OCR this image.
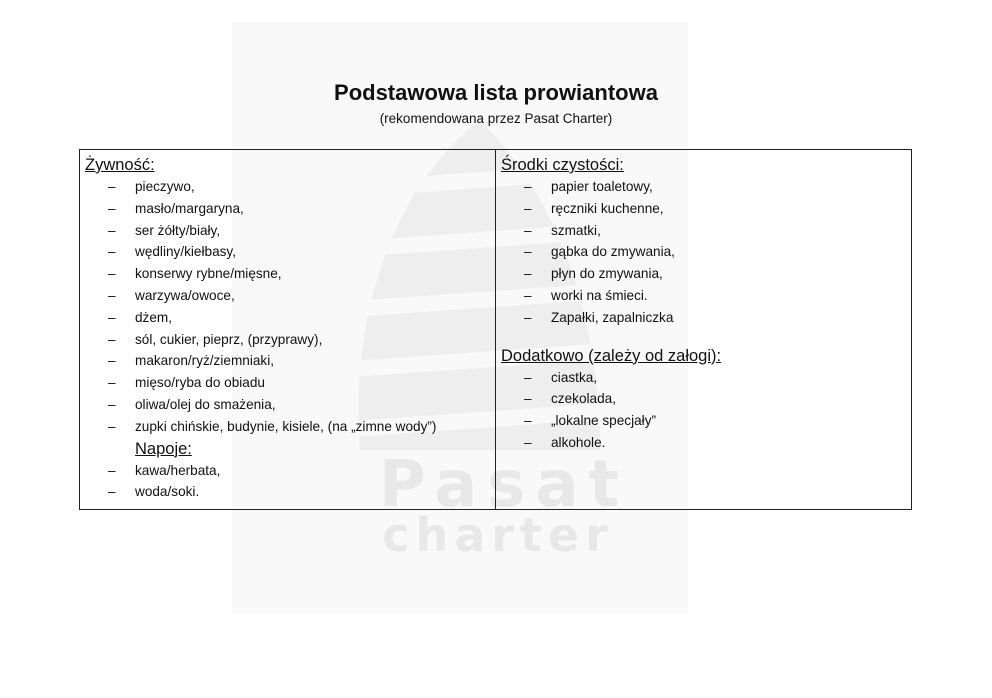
Pasat
charter
Podstawowa lista prowiantowa
(rekomendowana przez Pasat Charter)
Żywność:
–	pieczywo,
–	masło/margaryna,
–	ser żółty/biały,
–	wędliny/kiełbasy,
–	konserwy rybne/mięsne,
–	warzywa/owoce,
–	dżem,
–	sól, cukier, pieprz, (przyprawy),
–	makaron/ryż/ziemniaki,
–	mięso/ryba do obiadu
–	oliwa/olej do smażenia,
–	zupki chińskie, budynie, kisiele, (na „zimne wody”)
Napoje:
–	kawa/herbata,
–	woda/soki.
Środki czystości:
–	papier toaletowy,
–	ręczniki kuchenne,
–	szmatki,
–	gąbka do zmywania,
–	płyn do zmywania,
–	worki na śmieci.
–	Zapałki, zapalniczka
Dodatkowo (zależy od załogi):
–	ciastka,
–	czekolada,
–	„lokalne specjały”
–	alkohole.
